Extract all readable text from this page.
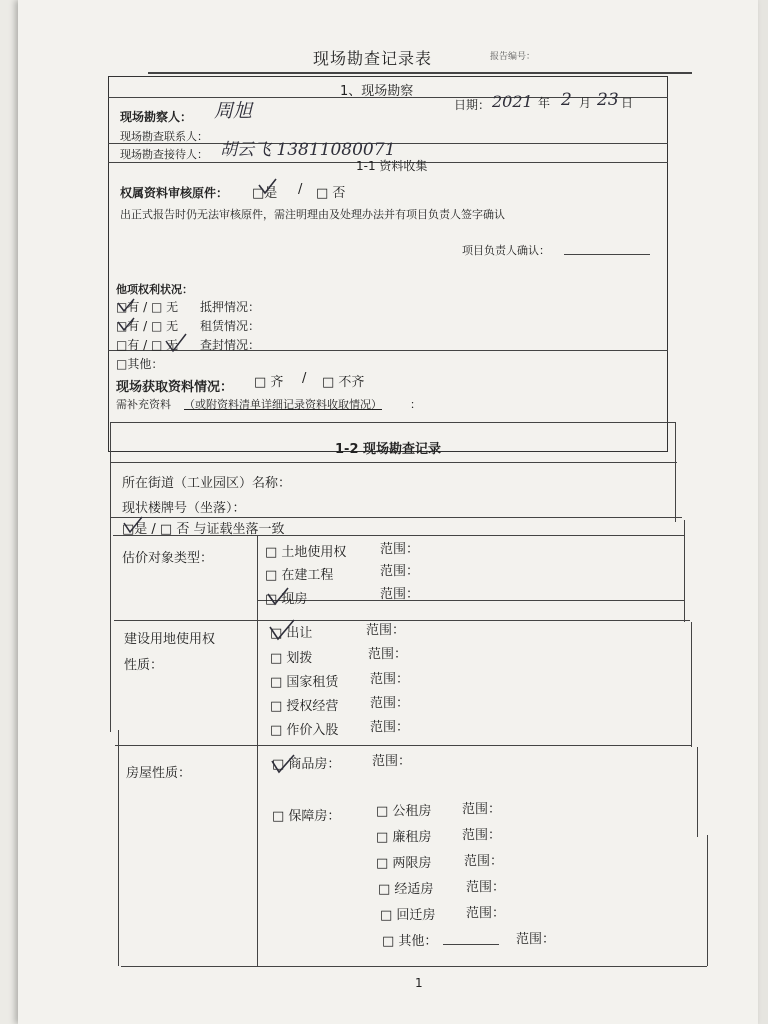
现场勘查记录表	报告编号：
1、现场勘察
现场勘察人： 周旭	日期： 2021 年 2 月 23 日
现场勘查联系人：
现场勘查接待人： 胡云飞 13811080071
1-1 资料收集
权属资料审核原件： □是 / □ 否
出正式报告时仍无法审核原件，需注明理由及处理办法并有项目负责人签字确认
项目负责人确认：
他项权利状况：
□有 / □ 无 抵押情况：
□有 / □ 无 租赁情况：
□有 / □ 无 查封情况：
□其他：
现场获取资料情况： □ 齐 / □ 不齐
需补充资料 （或附资料清单详细记录资料收取情况）	：
1-2 现场勘查记录
所在街道（工业园区）名称：
现状楼牌号（坐落）：
□是 / □ 否 与证载坐落一致
估价对象类型：	□ 土地使用权	范围：
□ 在建工程	范围：
□ 现房	范围：
建设用地使用权
性质：
□ 出让	范围：
□ 划拨	范围：
□ 国家租赁 范围：
□ 授权经营 范围：
□ 作价入股 范围：
房屋性质：
□ 商品房： 范围：
□ 保障房：	□ 公租房 范围：
□ 廉租房 范围：
□ 两限房	范围：
□ 经适房	范围：
□ 回迁房 范围：
□ 其他：	范围：
1
